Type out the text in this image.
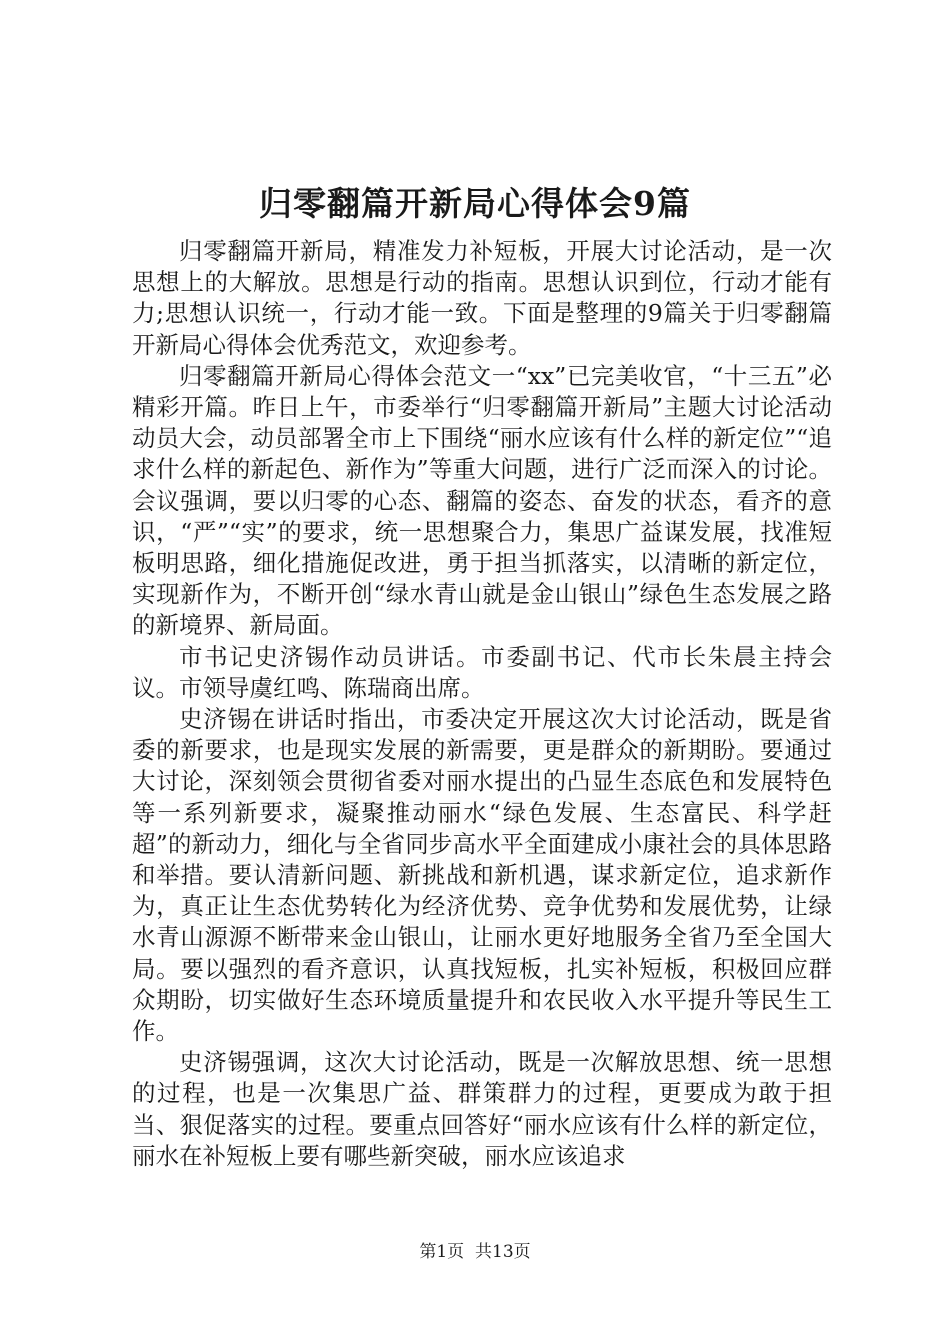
归零翻篇开新局心得体会9篇

归零翻篇开新局，精准发力补短板，开展大讨论活动，是一次思想上的大解放。思想是行动的指南。思想认识到位，行动才能有力;思想认识统一，行动才能一致。下面是整理的9篇关于归零翻篇开新局心得体会优秀范文，欢迎参考。

归零翻篇开新局心得体会范文一“xx”已完美收官，“十三五”必精彩开篇。昨日上午，市委举行“归零翻篇开新局”主题大讨论活动动员大会，动员部署全市上下围绕“丽水应该有什么样的新定位”“追求什么样的新起色、新作为”等重大问题，进行广泛而深入的讨论。会议强调，要以归零的心态、翻篇的姿态、奋发的状态，看齐的意识，“严”“实”的要求，统一思想聚合力，集思广益谋发展，找准短板明思路，细化措施促改进，勇于担当抓落实，以清晰的新定位，实现新作为，不断开创“绿水青山就是金山银山”绿色生态发展之路的新境界、新局面。

市书记史济锡作动员讲话。市委副书记、代市长朱晨主持会议。市领导虞红鸣、陈瑞商出席。

史济锡在讲话时指出，市委决定开展这次大讨论活动，既是省委的新要求，也是现实发展的新需要，更是群众的新期盼。要通过大讨论，深刻领会贯彻省委对丽水提出的凸显生态底色和发展特色等一系列新要求，凝聚推动丽水“绿色发展、生态富民、科学赶超”的新动力，细化与全省同步高水平全面建成小康社会的具体思路和举措。要认清新问题、新挑战和新机遇，谋求新定位，追求新作为，真正让生态优势转化为经济优势、竞争优势和发展优势，让绿水青山源源不断带来金山银山，让丽水更好地服务全省乃至全国大局。要以强烈的看齐意识，认真找短板，扎实补短板，积极回应群众期盼，切实做好生态环境质量提升和农民收入水平提升等民生工作。

史济锡强调，这次大讨论活动，既是一次解放思想、统一思想的过程，也是一次集思广益、群策群力的过程，更要成为敢于担当、狠促落实的过程。要重点回答好“丽水应该有什么样的新定位，丽水在补短板上要有哪些新突破，丽水应该追求

第1页 共13页
